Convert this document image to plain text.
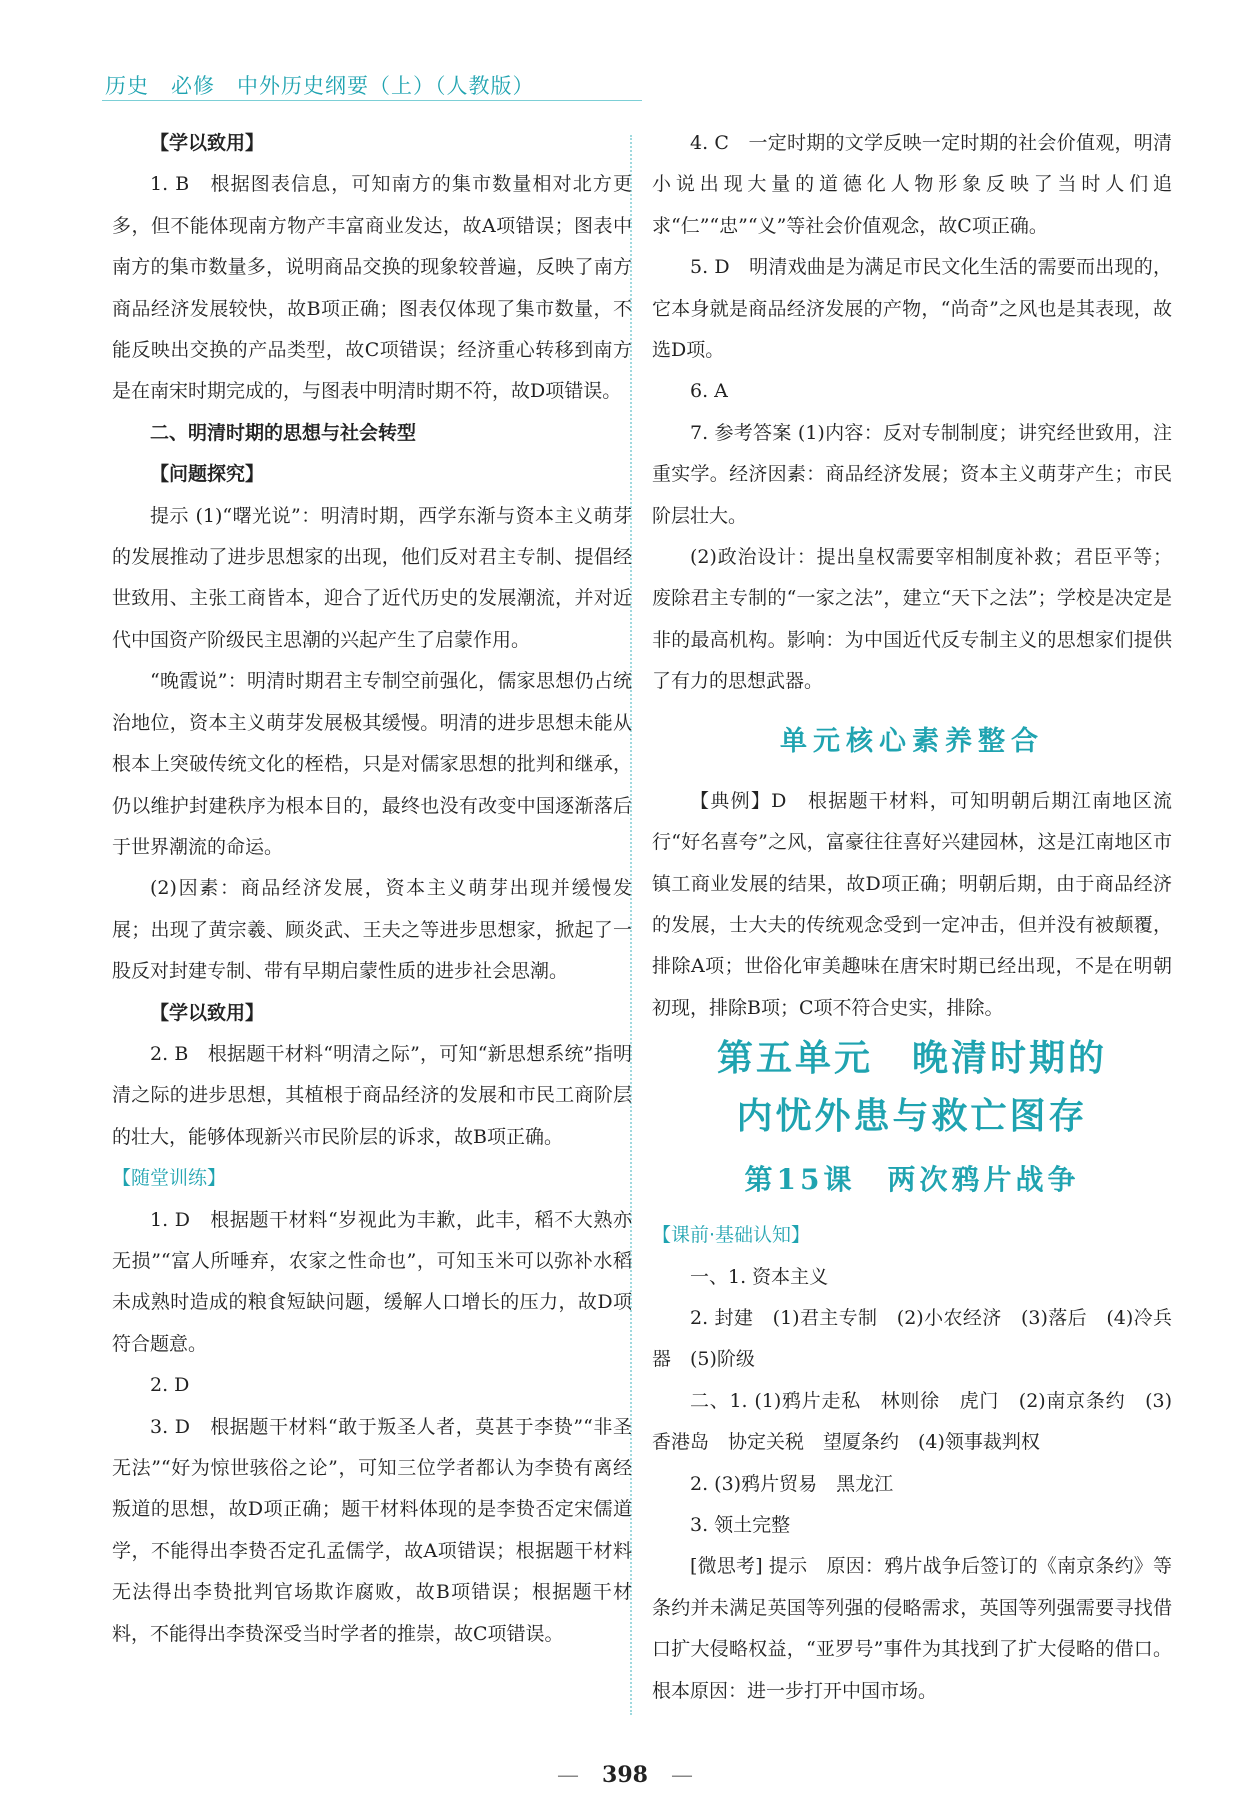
历史　必修　中外历史纲要（上）（人教版）

【学以致用】

1. B　根据图表信息，可知南方的集市数量相对北方更多，但不能体现南方物产丰富商业发达，故A项错误；图表中南方的集市数量多，说明商品交换的现象较普遍，反映了南方商品经济发展较快，故B项正确；图表仅体现了集市数量，不能反映出交换的产品类型，故C项错误；经济重心转移到南方是在南宋时期完成的，与图表中明清时期不符，故D项错误。

二、明清时期的思想与社会转型

【问题探究】

提示 (1)“曙光说”：明清时期，西学东渐与资本主义萌芽的发展推动了进步思想家的出现，他们反对君主专制、提倡经世致用、主张工商皆本，迎合了近代历史的发展潮流，并对近代中国资产阶级民主思潮的兴起产生了启蒙作用。

“晚霞说”：明清时期君主专制空前强化，儒家思想仍占统治地位，资本主义萌芽发展极其缓慢。明清的进步思想未能从根本上突破传统文化的桎梏，只是对儒家思想的批判和继承，仍以维护封建秩序为根本目的，最终也没有改变中国逐渐落后于世界潮流的命运。

(2)因素：商品经济发展，资本主义萌芽出现并缓慢发展；出现了黄宗羲、顾炎武、王夫之等进步思想家，掀起了一股反对封建专制、带有早期启蒙性质的进步社会思潮。

【学以致用】

2. B　根据题干材料“明清之际”，可知“新思想系统”指明清之际的进步思想，其植根于商品经济的发展和市民工商阶层的壮大，能够体现新兴市民阶层的诉求，故B项正确。

【随堂训练】

1. D　根据题干材料“岁视此为丰歉，此丰，稻不大熟亦无损”“富人所唾弃，农家之性命也”，可知玉米可以弥补水稻未成熟时造成的粮食短缺问题，缓解人口增长的压力，故D项符合题意。

2. D

3. D　根据题干材料“敢于叛圣人者，莫甚于李贽”“非圣无法”“好为惊世骇俗之论”，可知三位学者都认为李贽有离经叛道的思想，故D项正确；题干材料体现的是李贽否定宋儒道学，不能得出李贽否定孔孟儒学，故A项错误；根据题干材料无法得出李贽批判官场欺诈腐败，故B项错误；根据题干材料，不能得出李贽深受当时学者的推崇，故C项错误。

4. C　一定时期的文学反映一定时期的社会价值观，明清小说出现大量的道德化人物形象反映了当时人们追求“仁”“忠”“义”等社会价值观念，故C项正确。

5. D　明清戏曲是为满足市民文化生活的需要而出现的，它本身就是商品经济发展的产物，“尚奇”之风也是其表现，故选D项。

6. A

7. 参考答案 (1)内容：反对专制制度；讲究经世致用，注重实学。经济因素：商品经济发展；资本主义萌芽产生；市民阶层壮大。

(2)政治设计：提出皇权需要宰相制度补救；君臣平等；废除君主专制的“一家之法”，建立“天下之法”；学校是决定是非的最高机构。影响：为中国近代反专制主义的思想家们提供了有力的思想武器。

单元核心素养整合

【典例】D　根据题干材料，可知明朝后期江南地区流行“好名喜夸”之风，富豪往往喜好兴建园林，这是江南地区市镇工商业发展的结果，故D项正确；明朝后期，由于商品经济的发展，士大夫的传统观念受到一定冲击，但并没有被颠覆，排除A项；世俗化审美趣味在唐宋时期已经出现，不是在明朝初现，排除B项；C项不符合史实，排除。

第五单元　晚清时期的

内忧外患与救亡图存

第15课　两次鸦片战争

【课前·基础认知】

一、1. 资本主义

2. 封建　(1)君主专制　(2)小农经济　(3)落后　(4)冷兵器　(5)阶级

二、1. (1)鸦片走私　林则徐　虎门　(2)南京条约　(3)香港岛　协定关税　望厦条约　(4)领事裁判权

2. (3)鸦片贸易　黑龙江

3. 领土完整

[微思考] 提示　原因：鸦片战争后签订的《南京条约》等条约并未满足英国等列强的侵略需求，英国等列强需要寻找借口扩大侵略权益，“亚罗号”事件为其找到了扩大侵略的借口。根本原因：进一步打开中国市场。

— 398 —
